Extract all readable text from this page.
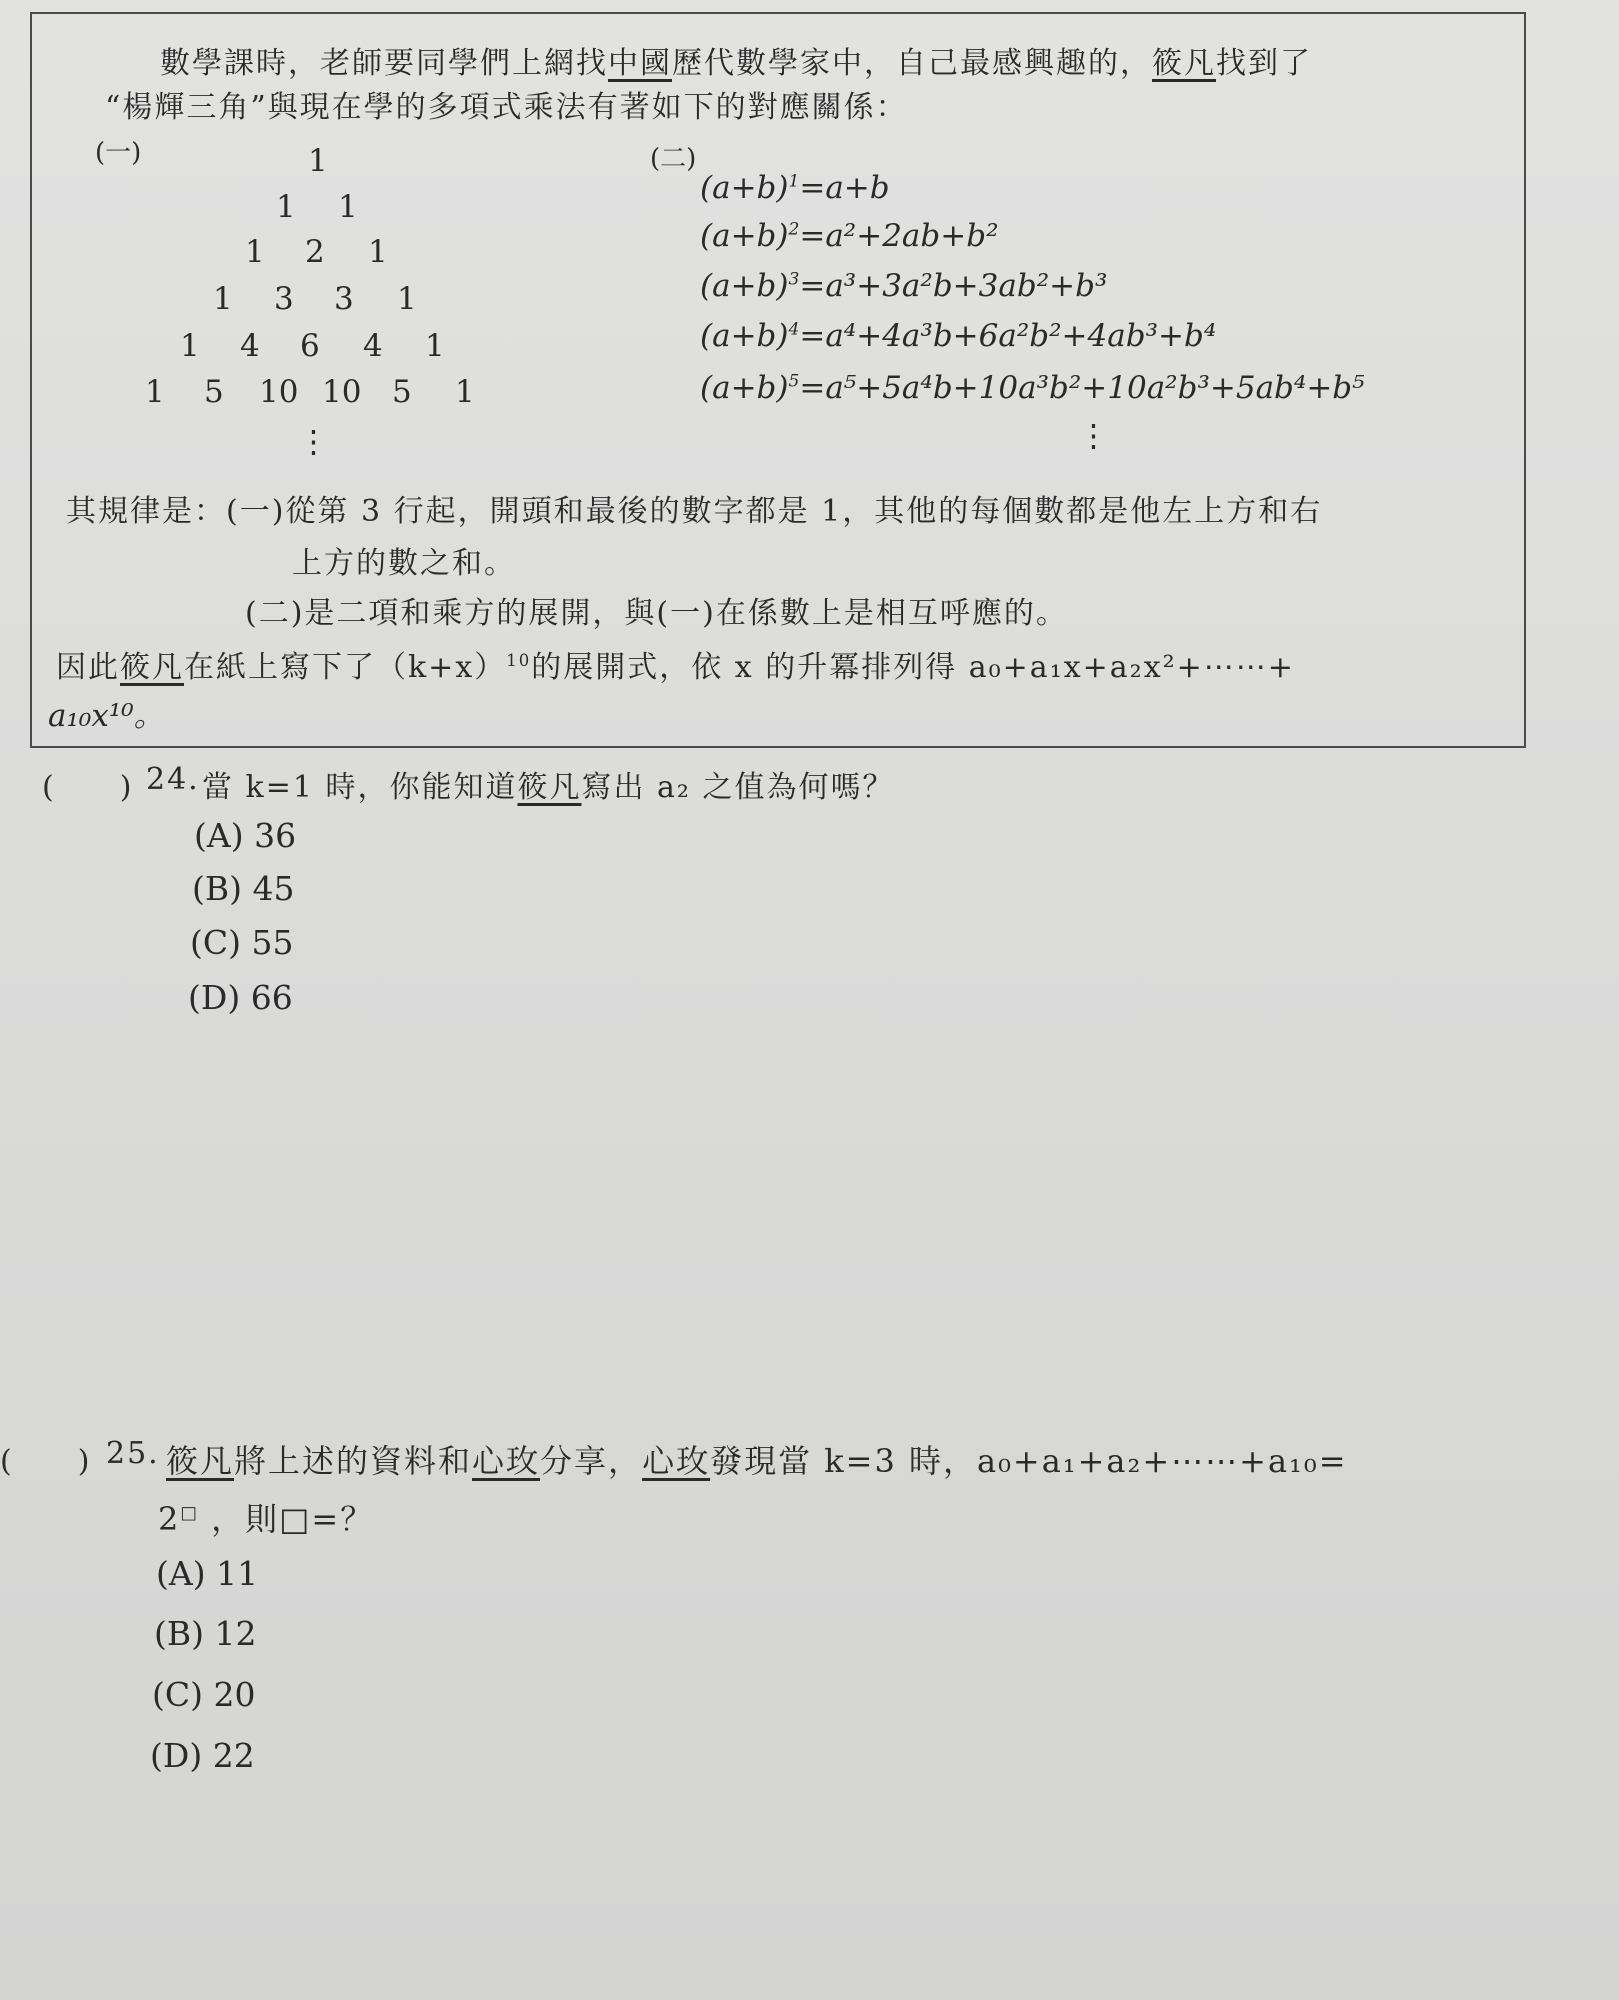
數學課時，老師要同學們上網找中國歷代數學家中，自己最感興趣的，筱凡找到了
“楊輝三角”與現在學的多項式乘法有著如下的對應關係：
(一)	(二)
1
1 1
1 2 1
1 3 3 1
1 4 6 4 1
1 5 10 10 5 1
⋮
$(a+b)^1=a+b$
$(a+b)^2=a^2+2ab+b^2$
$(a+b)^3=a^3+3a^2b+3ab^2+b^3$
$(a+b)^4=a^4+4a^3b+6a^2b^2+4ab^3+b^4$
$(a+b)^5=a^5+5a^4b+10a^3b^2+10a^2b^3+5ab^4+b^5$
⋮
其規律是：(一)從第 3 行起，開頭和最後的數字都是 1，其他的每個數都是他左上方和右
上方的數之和。
(二)是二項和乘方的展開，與(一)在係數上是相互呼應的。
因此筱凡在紙上寫下了$(k+x)^{10}$的展開式，依 x 的升冪排列得 a₀+a₁x+a₂x²+⋯⋯+
a₁₀x¹⁰。
(　　) 24. 當 k=1 時，你能知道筱凡寫出 a₂ 之值為何嗎？
(A) 36
(B) 45
(C) 55
(D) 66
(　　) 25. 筱凡將上述的資料和心玫分享，心玫發現當 k=3 時，a₀+a₁+a₂+⋯⋯+a₁₀=
2□ ，則□=？
(A) 11
(B) 12
(C) 20
(D) 22
